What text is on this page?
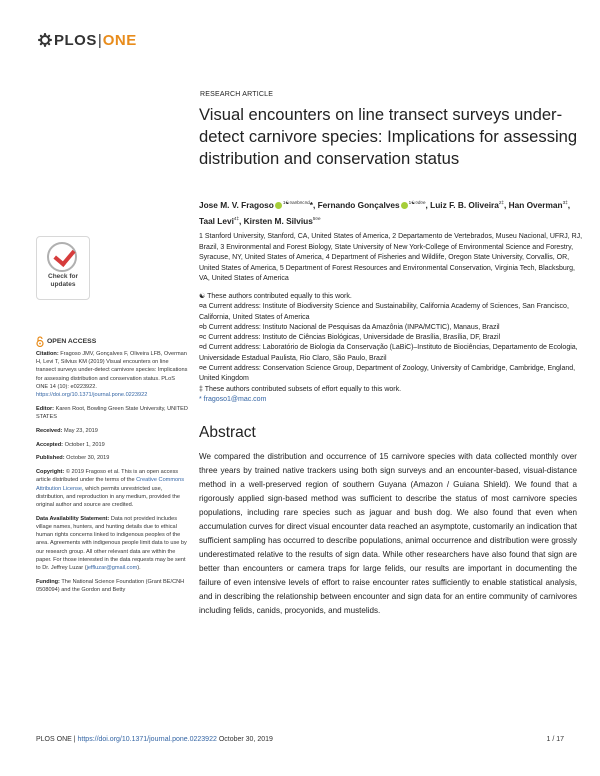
PLOS | ONE
RESEARCH ARTICLE
Visual encounters on line transect surveys under-detect carnivore species: Implications for assessing distribution and conservation status
Jose M. V. Fragoso $^{1☯¤a¤b¤c¤d}$*, Fernando Gonçalves $^{1☯¤d¤e}$, Luiz F. B. Oliveira$^{2\ddagger}$, Han Overman$^{3\ddagger}$, Taal Levi$^{4\ddagger}$, Kirsten M. Silvius$^{5¤e}$
1 Stanford University, Stanford, CA, United States of America, 2 Departamento de Vertebrados, Museu Nacional, UFRJ, RJ, Brazil, 3 Environmental and Forest Biology, State University of New York-College of Environmental Science and Forestry, Syracuse, NY, United States of America, 4 Department of Fisheries and Wildlife, Oregon State University, Corvallis, OR, United States of America, 5 Department of Forest Resources and Environmental Conservation, Virginia Tech, Blacksburg, VA, United States of America
☯ These authors contributed equally to this work.
¤a Current address: Institute of Biodiversity Science and Sustainability, California Academy of Sciences, San Francisco, California, United States of America
¤b Current address: Instituto Nacional de Pesquisas da Amazônia (INPA/MCTIC), Manaus, Brazil
¤c Current address: Instituto de Ciências Biológicas, Universidade de Brasília, Brasília, DF, Brazil
¤d Current address: Laboratório de Biologia da Conservação (LaBiC)–Instituto de Biociências, Departamento de Ecologia, Universidade Estadual Paulista, Rio Claro, São Paulo, Brazil
¤e Current address: Conservation Science Group, Department of Zoology, University of Cambridge, Cambridge, England, United Kingdom
‡ These authors contributed subsets of effort equally to this work.
* fragoso1@mac.com
Abstract
We compared the distribution and occurrence of 15 carnivore species with data collected monthly over three years by trained native trackers using both sign surveys and an encounter-based, visual-distance method in a well-preserved region of southern Guyana (Amazon / Guiana Shield). We found that a rigorously applied sign-based method was sufficient to describe the status of most carnivore species populations, including rare species such as jaguar and bush dog. We also found that even when accumulation curves for direct visual encounter data reached an asymptote, customarily an indication that sufficient sampling has occurred to describe populations, animal occurrence and distribution were grossly underestimated relative to the results of sign data. While other researchers have also found that sign are better than encounters or camera traps for large felids, our results are important in documenting the failure of even intensive levels of effort to raise encounter rates sufficiently to enable statistical analysis, and in describing the relationship between encounter and sign data for an entire community of carnivores including felids, canids, procyonids, and mustelids.
Check for
updates
OPEN ACCESS

Citation: Fragoso JMV, Gonçalves F, Oliveira LFB, Overman H, Levi T, Silvius KM (2019) Visual encounters on line transect surveys under-detect carnivore species: Implications for assessing distribution and conservation status. PLoS ONE 14 (10): e0223922. https://doi.org/10.1371/journal.pone.0223922

Editor: Karen Root, Bowling Green State University, UNITED STATES

Received: May 23, 2019

Accepted: October 1, 2019

Published: October 30, 2019

Copyright: © 2019 Fragoso et al. This is an open access article distributed under the terms of the Creative Commons Attribution License, which permits unrestricted use, distribution, and reproduction in any medium, provided the original author and source are credited.

Data Availability Statement: Data not provided includes village names, hunters, and hunting details due to ethical human rights concerns linked to indigenous peoples of the area. Agreements with indigenous people limit data to use by our research group. All other relevant data are within the paper. For those interested in the data requests may be sent to Dr. Jeffrey Luzar (jeffluzar@gmail.com).

Funding: The National Science Foundation (Grant BE/CNH 0508094) and the Gordon and Betty

PLOS ONE | https://doi.org/10.1371/journal.pone.0223922 October 30, 2019	1 / 17
